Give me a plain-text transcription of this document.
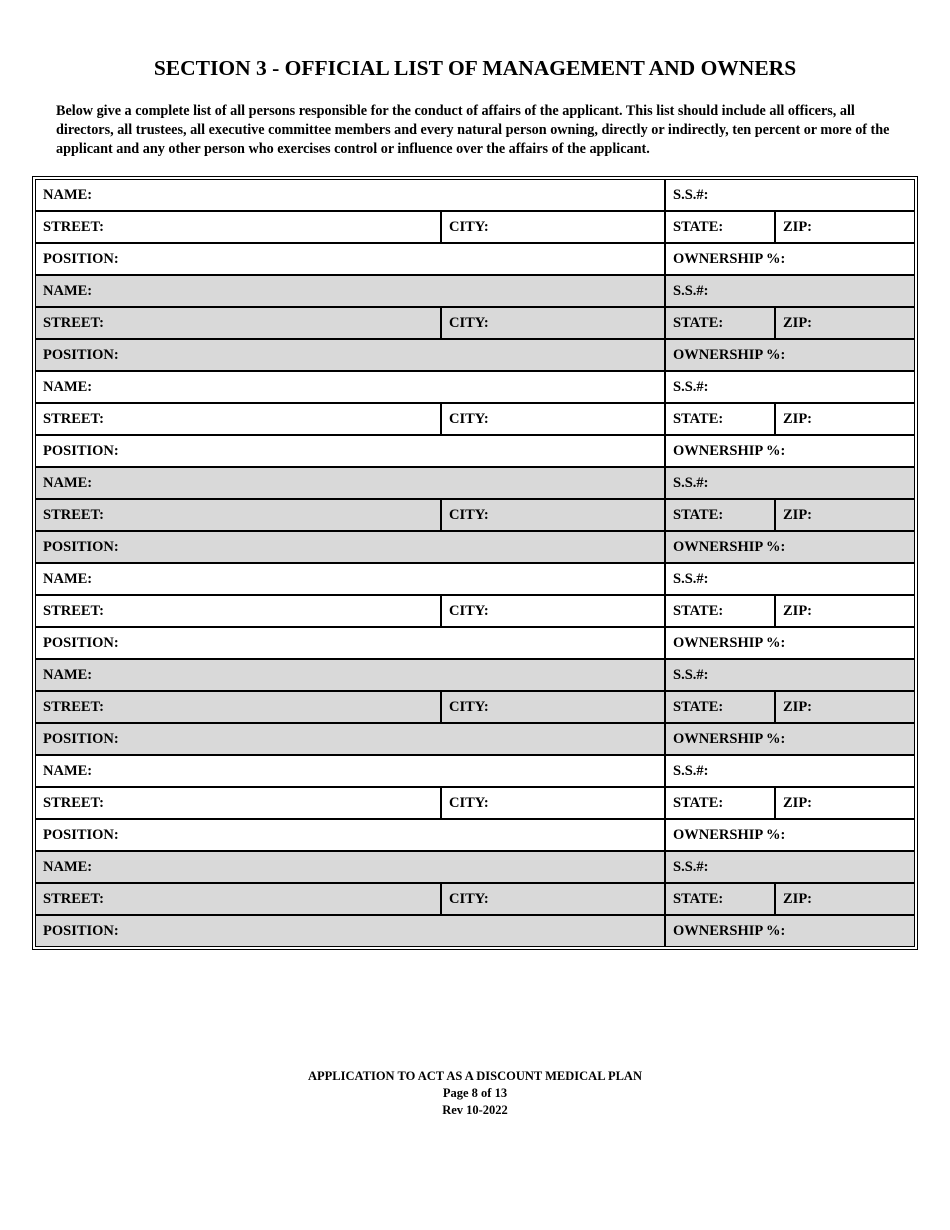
SECTION 3 - OFFICIAL LIST OF MANAGEMENT AND OWNERS

Below give a complete list of all persons responsible for the conduct of affairs of the applicant. This list should include all officers, all directors, all trustees, all executive committee members and every natural person owning, directly or indirectly, ten percent or more of the applicant and any other person who exercises control or influence over the affairs of the applicant.

NAME:	S.S.#:
STREET:	CITY:	STATE:	ZIP:
POSITION:	OWNERSHIP %:
NAME:	S.S.#:
STREET:	CITY:	STATE:	ZIP:
POSITION:	OWNERSHIP %:
NAME:	S.S.#:
STREET:	CITY:	STATE:	ZIP:
POSITION:	OWNERSHIP %:
NAME:	S.S.#:
STREET:	CITY:	STATE:	ZIP:
POSITION:	OWNERSHIP %:
NAME:	S.S.#:
STREET:	CITY:	STATE:	ZIP:
POSITION:	OWNERSHIP %:
NAME:	S.S.#:
STREET:	CITY:	STATE:	ZIP:
POSITION:	OWNERSHIP %:
NAME:	S.S.#:
STREET:	CITY:	STATE:	ZIP:
POSITION:	OWNERSHIP %:
NAME:	S.S.#:
STREET:	CITY:	STATE:	ZIP:
POSITION:	OWNERSHIP %:
APPLICATION TO ACT AS A DISCOUNT MEDICAL PLAN
Page 8 of 13
Rev 10-2022
